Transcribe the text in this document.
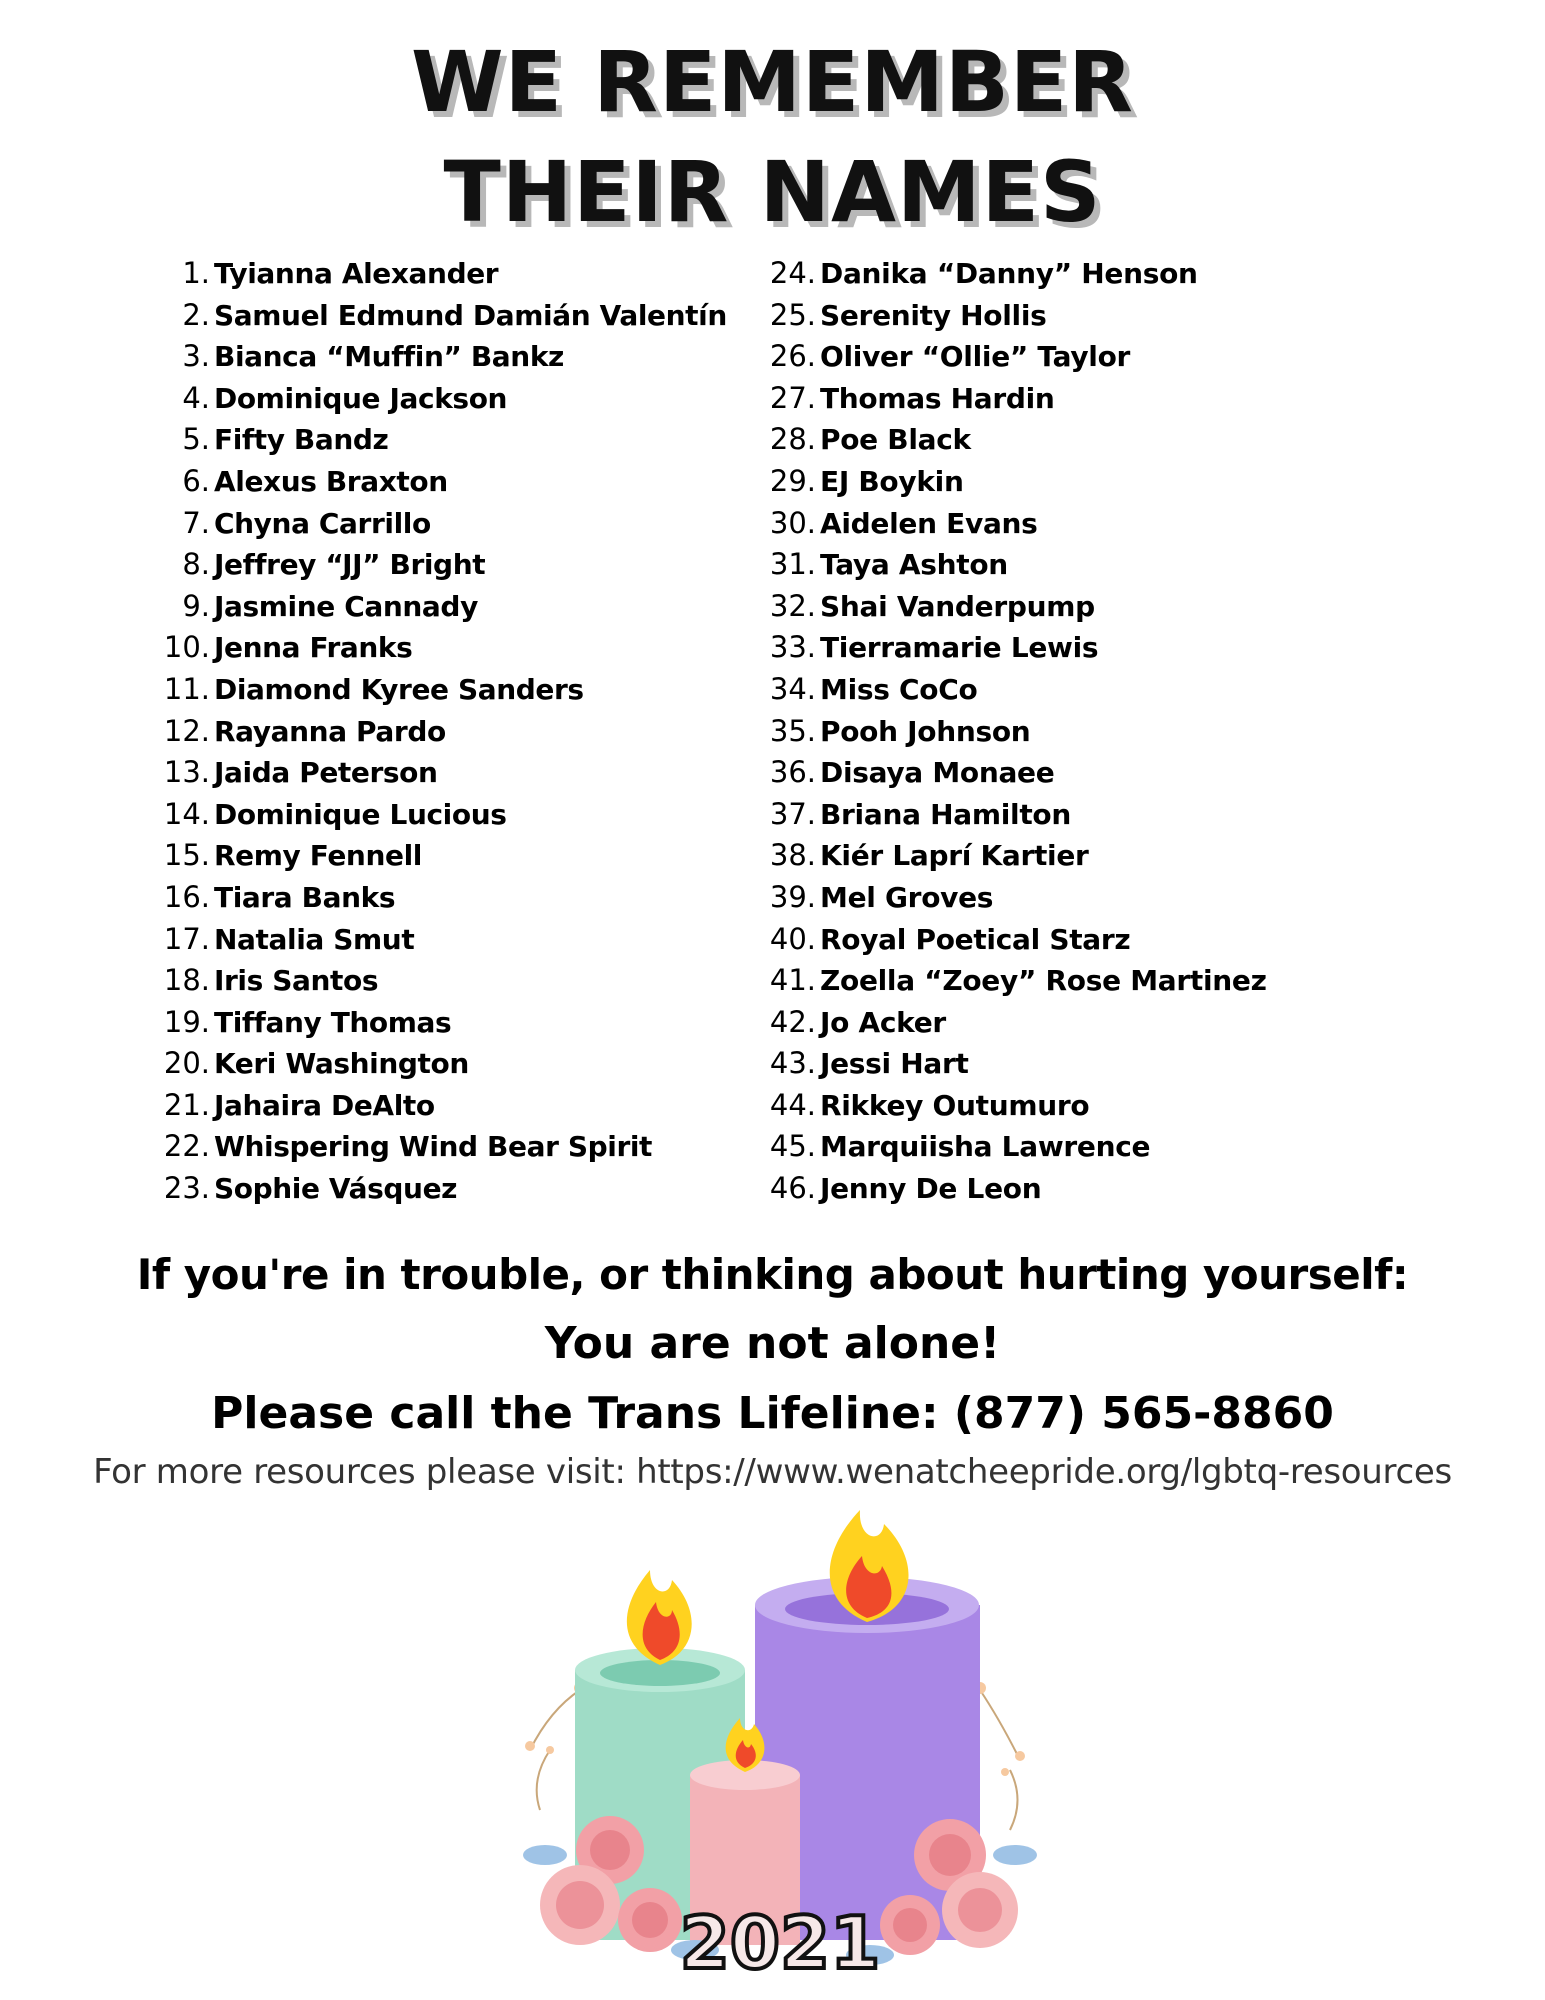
WE REMEMBER
THEIR NAMES
1. Tyianna Alexander
2. Samuel Edmund Damián Valentín
3. Bianca “Muffin” Bankz
4. Dominique Jackson
5. Fifty Bandz
6. Alexus Braxton
7. Chyna Carrillo
8. Jeffrey “JJ” Bright
9. Jasmine Cannady
10. Jenna Franks
11. Diamond Kyree Sanders
12. Rayanna Pardo
13. Jaida Peterson
14. Dominique Lucious
15. Remy Fennell
16. Tiara Banks
17. Natalia Smut
18. Iris Santos
19. Tiffany Thomas
20. Keri Washington
21. Jahaira DeAlto
22. Whispering Wind Bear Spirit
23. Sophie Vásquez
24. Danika “Danny” Henson
25. Serenity Hollis
26. Oliver “Ollie” Taylor
27. Thomas Hardin
28. Poe Black
29. EJ Boykin
30. Aidelen Evans
31. Taya Ashton
32. Shai Vanderpump
33. Tierramarie Lewis
34. Miss CoCo
35. Pooh Johnson
36. Disaya Monaee
37. Briana Hamilton
38. Kiér Laprí Kartier
39. Mel Groves
40. Royal Poetical Starz
41. Zoella “Zoey” Rose Martinez
42. Jo Acker
43. Jessi Hart
44. Rikkey Outumuro
45. Marquiisha Lawrence
46. Jenny De Leon
If you're in trouble, or thinking about hurting yourself:
You are not alone!
Please call the Trans Lifeline: (877) 565-8860
For more resources please visit: https://www.wenatcheepride.org/lgbtq-resources
2021
